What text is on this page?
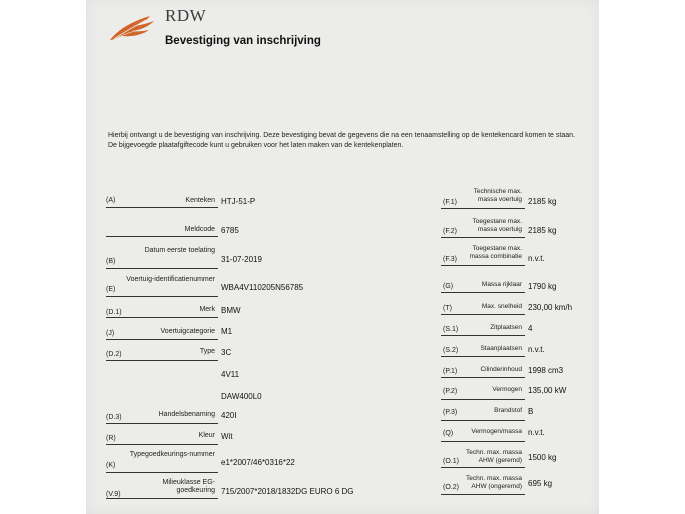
RDW
Bevestiging van inschrijving
Hierbij ontvangt u de bevestiging van inschrijving. Deze bevestiging bevat de gegevens die na een tenaamstelling op de kentekencard komen te staan.
De bijgevoegde plaatafgiftecode kunt u gebruiken voor het laten maken van de kentekenplaten.
(A)	Kenteken HTJ-51-P
Meldcode 6785
(B)
Datum eerste toelating
31-07-2019
(E)
Voertuig-identificatienummer
WBA4V110205N56785
(D.1)	Merk BMW
(J)	Voertuigcategorie M1
(D.2)	Type 3C
4V11
DAW400L0
(D.3)	Handelsbenaming 420I
(R)	Kleur Wit
(K)
Typegoedkeurings-nummer
e1*2007/46*0316*22
(V.9)
Milieuklasse EG-goedkeuring 715/2007*2018/1832DG EURO 6 DG
(F.1)
Technische max. massa voertuig 2185 kg
(F.2)
Toegestane max. massa voertuig 2185 kg
(F.3)
Toegestane max. massa combinatie n.v.t.
(G)	Massa rijklaar 1790 kg
(T)	Max. snelheid 230,00 km/h
(S.1)	Zitplaatsen 4
(S.2)	Staanplaatsen n.v.t.
(P.1)	Cilinderinhoud 1998 cm3
(P.2)	Vermogen 135,00 kW
(P.3)	Brandstof B
(Q)	Vermogen/massa n.v.t.
(O.1)
Techn. max. massa AHW (geremd) 1500 kg
(O.2)
Techn. max. massa AHW (ongeremd) 695 kg
